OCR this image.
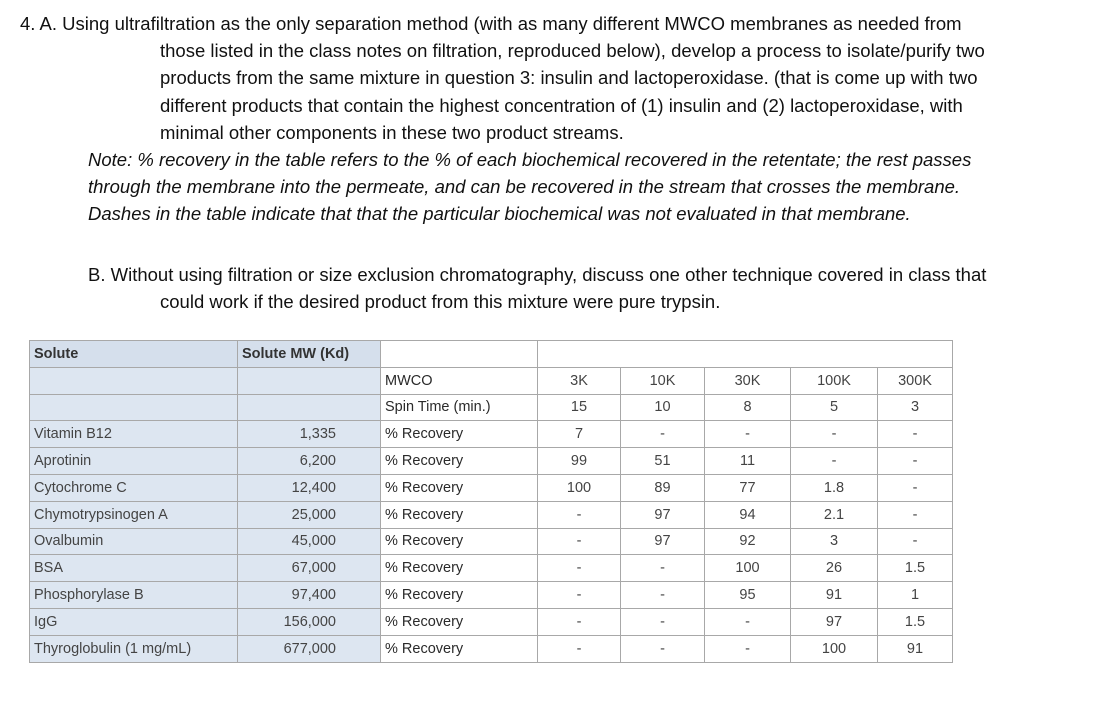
4. A. Using ultrafiltration as the only separation method (with as many different MWCO membranes as needed from
those listed in the class notes on filtration, reproduced below), develop a process to isolate/purify two
products from the same mixture in question 3: insulin and lactoperoxidase. (that is come up with two
different products that contain the highest concentration of (1) insulin and (2) lactoperoxidase, with
minimal other components in these two product streams.
Note: % recovery in the table refers to the % of each biochemical recovered in the retentate; the rest passes
through the membrane into the permeate, and can be recovered in the stream that crosses the membrane.
Dashes in the table indicate that that the particular biochemical was not evaluated in that membrane.
B. Without using filtration or size exclusion chromatography, discuss one other technique covered in class that
could work if the desired product from this mixture were pure trypsin.
Solute	Solute MW (Kd)						
		MWCO	3K	10K	30K	100K	300K
		Spin Time (min.)	15	10	8	5	3
Vitamin B12	1,335	% Recovery	7	-	-	-	-
Aprotinin	6,200	% Recovery	99	51	11	-	-
Cytochrome C	12,400	% Recovery	100	89	77	1.8	-
Chymotrypsinogen A	25,000	% Recovery	-	97	94	2.1	-
Ovalbumin	45,000	% Recovery	-	97	92	3	-
BSA	67,000	% Recovery	-	-	100	26	1.5
Phosphorylase B	97,400	% Recovery	-	-	95	91	1
IgG	156,000	% Recovery	-	-	-	97	1.5
Thyroglobulin (1 mg/mL)	677,000	% Recovery	-	-	-	100	91
